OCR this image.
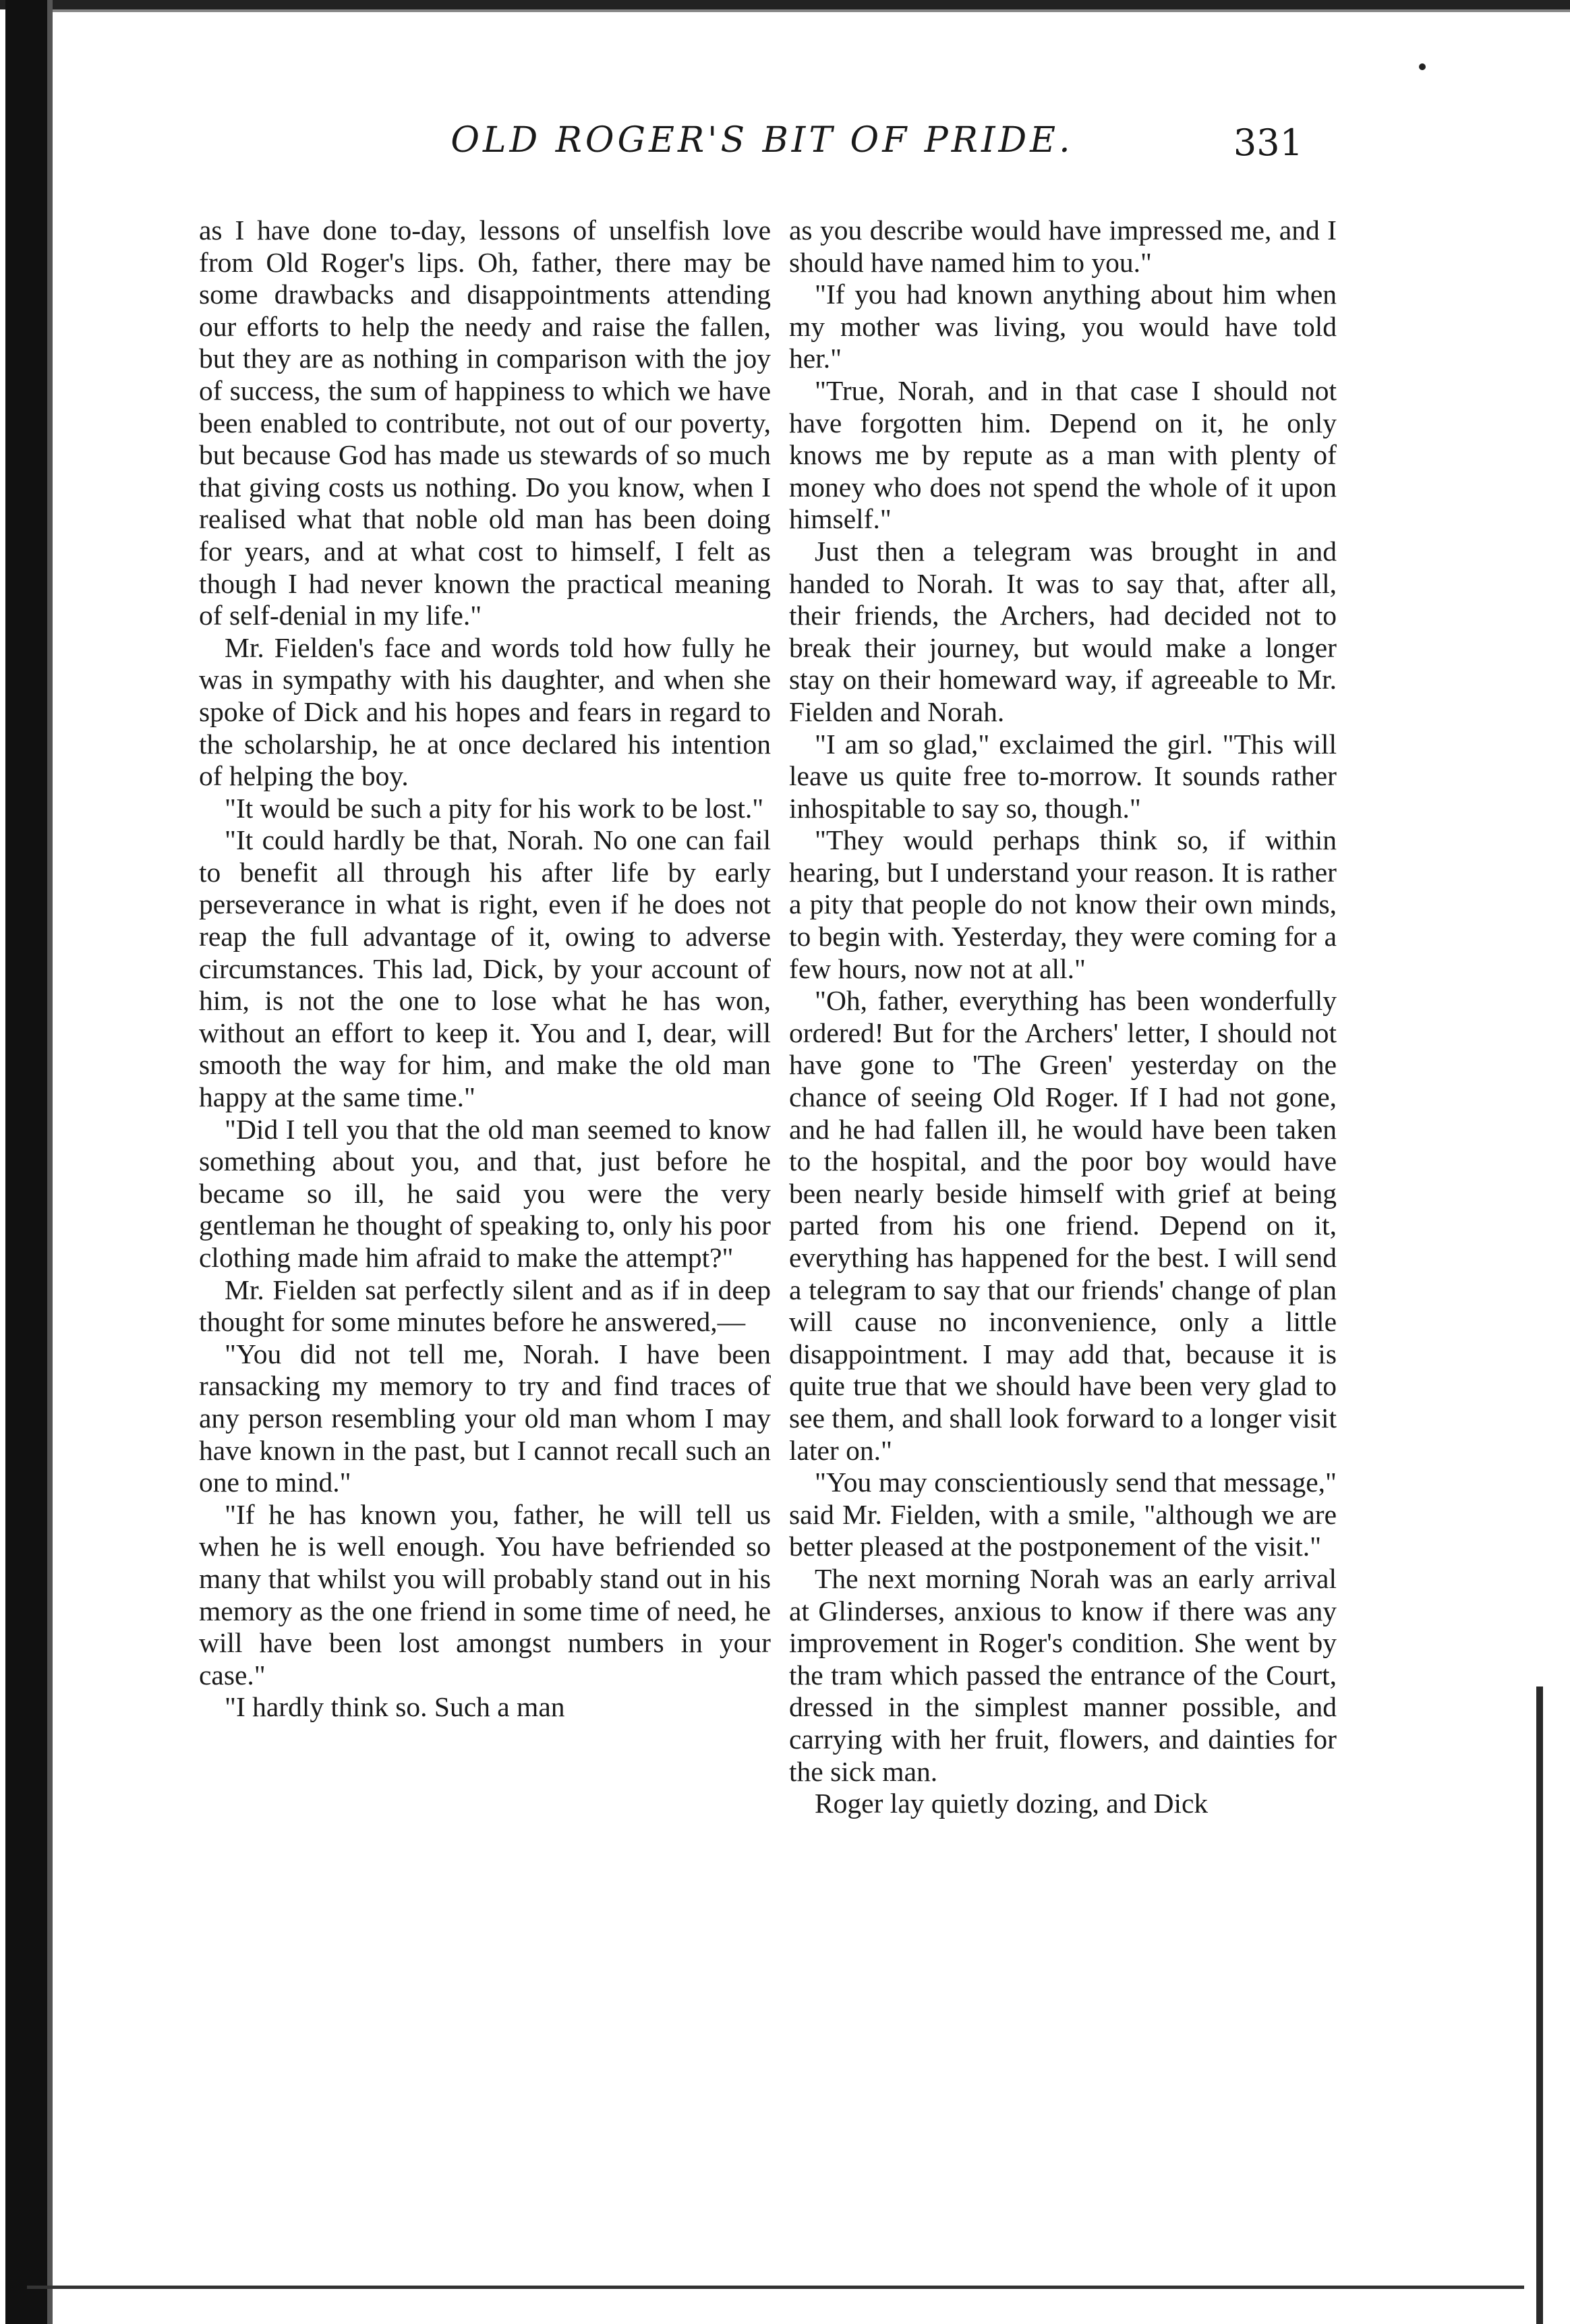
OLD ROGER'S BIT OF PRIDE.	331

as I have done to-day, lessons of unselfish love from Old Roger's lips. Oh, father, there may be some drawbacks and disappointments attending our efforts to help the needy and raise the fallen, but they are as nothing in comparison with the joy of success, the sum of happiness to which we have been enabled to contribute, not out of our poverty, but because God has made us stewards of so much that giving costs us nothing. Do you know, when I realised what that noble old man has been doing for years, and at what cost to himself, I felt as though I had never known the practical meaning of self-denial in my life."

Mr. Fielden's face and words told how fully he was in sympathy with his daughter, and when she spoke of Dick and his hopes and fears in regard to the scholarship, he at once declared his intention of helping the boy.

"It would be such a pity for his work to be lost."

"It could hardly be that, Norah. No one can fail to benefit all through his after life by early perseverance in what is right, even if he does not reap the full advantage of it, owing to adverse circumstances. This lad, Dick, by your account of him, is not the one to lose what he has won, without an effort to keep it. You and I, dear, will smooth the way for him, and make the old man happy at the same time."

"Did I tell you that the old man seemed to know something about you, and that, just before he became so ill, he said you were the very gentleman he thought of speaking to, only his poor clothing made him afraid to make the attempt?"

Mr. Fielden sat perfectly silent and as if in deep thought for some minutes before he answered,—

"You did not tell me, Norah. I have been ransacking my memory to try and find traces of any person resembling your old man whom I may have known in the past, but I cannot recall such an one to mind."

"If he has known you, father, he will tell us when he is well enough. You have befriended so many that whilst you will probably stand out in his memory as the one friend in some time of need, he will have been lost amongst numbers in your case."

"I hardly think so. Such a man

as you describe would have impressed me, and I should have named him to you."

"If you had known anything about him when my mother was living, you would have told her."

"True, Norah, and in that case I should not have forgotten him. Depend on it, he only knows me by repute as a man with plenty of money who does not spend the whole of it upon himself."

Just then a telegram was brought in and handed to Norah. It was to say that, after all, their friends, the Archers, had decided not to break their journey, but would make a longer stay on their homeward way, if agreeable to Mr. Fielden and Norah.

"I am so glad," exclaimed the girl. "This will leave us quite free to-morrow. It sounds rather inhospitable to say so, though."

"They would perhaps think so, if within hearing, but I understand your reason. It is rather a pity that people do not know their own minds, to begin with. Yesterday, they were coming for a few hours, now not at all."

"Oh, father, everything has been wonderfully ordered! But for the Archers' letter, I should not have gone to 'The Green' yesterday on the chance of seeing Old Roger. If I had not gone, and he had fallen ill, he would have been taken to the hospital, and the poor boy would have been nearly beside himself with grief at being parted from his one friend. Depend on it, everything has happened for the best. I will send a telegram to say that our friends' change of plan will cause no inconvenience, only a little disappointment. I may add that, because it is quite true that we should have been very glad to see them, and shall look forward to a longer visit later on."

"You may conscientiously send that message," said Mr. Fielden, with a smile, "although we are better pleased at the postponement of the visit."

The next morning Norah was an early arrival at Glinderses, anxious to know if there was any improvement in Roger's condition. She went by the tram which passed the entrance of the Court, dressed in the simplest manner possible, and carrying with her fruit, flowers, and dainties for the sick man.

Roger lay quietly dozing, and Dick
